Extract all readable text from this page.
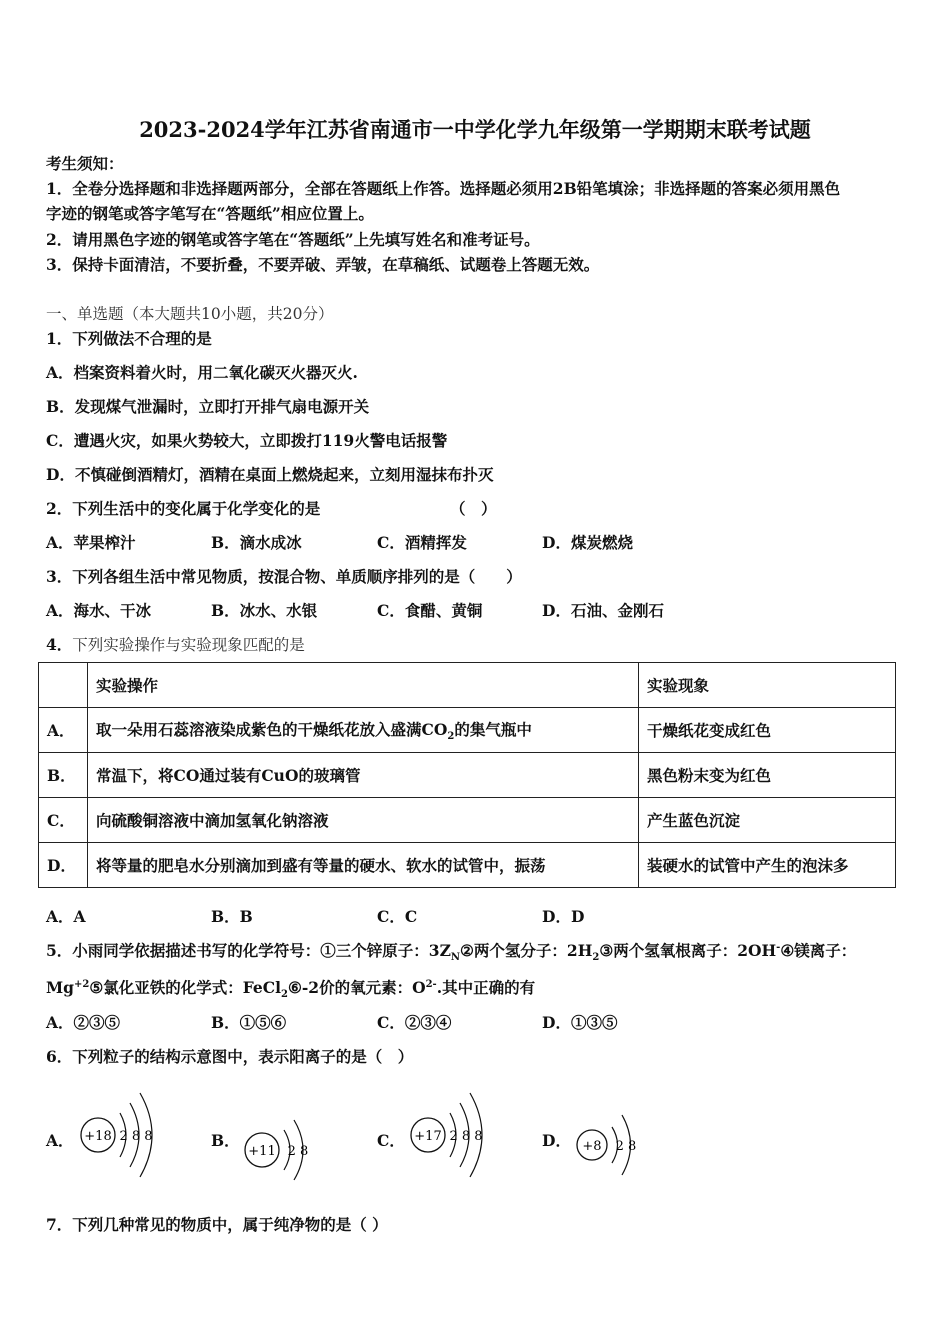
2023-2024学年江苏省南通市一中学化学九年级第一学期期末联考试题
考生须知：
1．全卷分选择题和非选择题两部分，全部在答题纸上作答。选择题必须用2B铅笔填涂；非选择题的答案必须用黑色
字迹的钢笔或答字笔写在“答题纸”相应位置上。
2．请用黑色字迹的钢笔或答字笔在“答题纸”上先填写姓名和准考证号。
3．保持卡面清洁，不要折叠，不要弄破、弄皱，在草稿纸、试题卷上答题无效。
一、单选题（本大题共10小题，共20分）
1．下列做法不合理的是
A．档案资料着火时，用二氧化碳灭火器灭火.
B．发现煤气泄漏时，立即打开排气扇电源开关
C．遭遇火灾，如果火势较大，立即拨打119火警电话报警
D．不慎碰倒酒精灯，酒精在桌面上燃烧起来，立刻用湿抹布扑灭
2．下列生活中的变化属于化学变化的是	（　）
A．苹果榨汁	B．滴水成冰	C．酒精挥发	D．煤炭燃烧
3．下列各组生活中常见物质，按混合物、单质顺序排列的是（　　）
A．海水、干冰	B．冰水、水银	C．食醋、黄铜	D．石油、金刚石
4．下列实验操作与实验现象匹配的是
	实验操作	实验现象
A．	取一朵用石蕊溶液染成紫色的干燥纸花放入盛满$CO_2$的集气瓶中	干燥纸花变成红色
B．	常温下，将CO通过装有CuO的玻璃管	黑色粉末变为红色
C．	向硫酸铜溶液中滴加氢氧化钠溶液	产生蓝色沉淀
D．	将等量的肥皂水分别滴加到盛有等量的硬水、软水的试管中，振荡	装硬水的试管中产生的泡沫多
A．A	B．B	C．C	D．D
5．小雨同学依据描述书写的化学符号：①三个锌原子：$3Z_N②$两个氢分子：$2H_2③$两个氢氧根离子：2OH-④镁离子：
$Mg^{+2}⑤$氯化亚铁的化学式：FeCl$_2$⑥-2价的氧元素：$O^{2-}$.其中正确的有
A．②③⑤	B．①⑤⑥	C．②③④	D．①③⑤
6．下列粒子的结构示意图中，表示阳离子的是（　）
A． +18 2 8 8	B．
+11 2 8
C． +17 2 8 8	D． +8 2 8
7．下列几种常见的物质中，属于纯净物的是（ ）
